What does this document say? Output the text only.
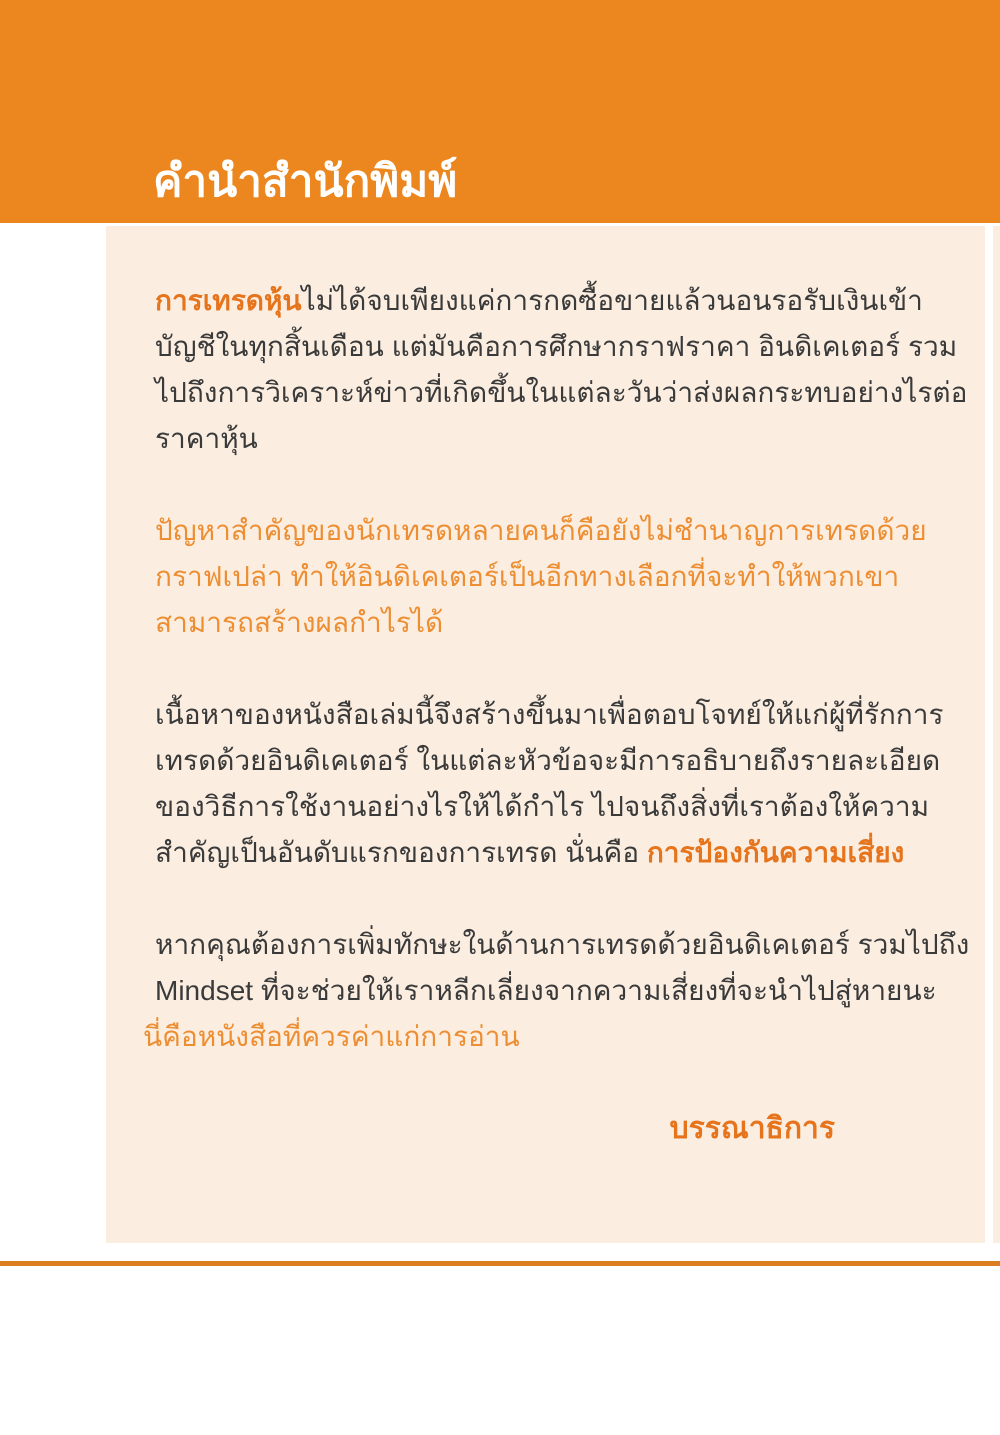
คำนำสำนักพิมพ์

การเทรดหุ้นไม่ได้จบเพียงแค่การกดซื้อขายแล้วนอนรอรับเงินเข้า
บัญชีในทุกสิ้นเดือน แต่มันคือการศึกษากราฟราคา อินดิเคเตอร์ รวม
ไปถึงการวิเคราะห์ข่าวที่เกิดขึ้นในแต่ละวันว่าส่งผลกระทบอย่างไรต่อ
ราคาหุ้น

ปัญหาสำคัญของนักเทรดหลายคนก็คือยังไม่ชำนาญการเทรดด้วย
กราฟเปล่า ทำให้อินดิเคเตอร์เป็นอีกทางเลือกที่จะทำให้พวกเขา
สามารถสร้างผลกำไรได้

เนื้อหาของหนังสือเล่มนี้จึงสร้างขึ้นมาเพื่อตอบโจทย์ให้แก่ผู้ที่รักการ
เทรดด้วยอินดิเคเตอร์ ในแต่ละหัวข้อจะมีการอธิบายถึงรายละเอียด
ของวิธีการใช้งานอย่างไรให้ได้กำไร ไปจนถึงสิ่งที่เราต้องให้ความ
สำคัญเป็นอันดับแรกของการเทรด นั่นคือ การป้องกันความเสี่ยง

หากคุณต้องการเพิ่มทักษะในด้านการเทรดด้วยอินดิเคเตอร์ รวมไปถึง
Mindset ที่จะช่วยให้เราหลีกเลี่ยงจากความเสี่ยงที่จะนำไปสู่หายนะ
นี่คือหนังสือที่ควรค่าแก่การอ่าน

บรรณาธิการ
